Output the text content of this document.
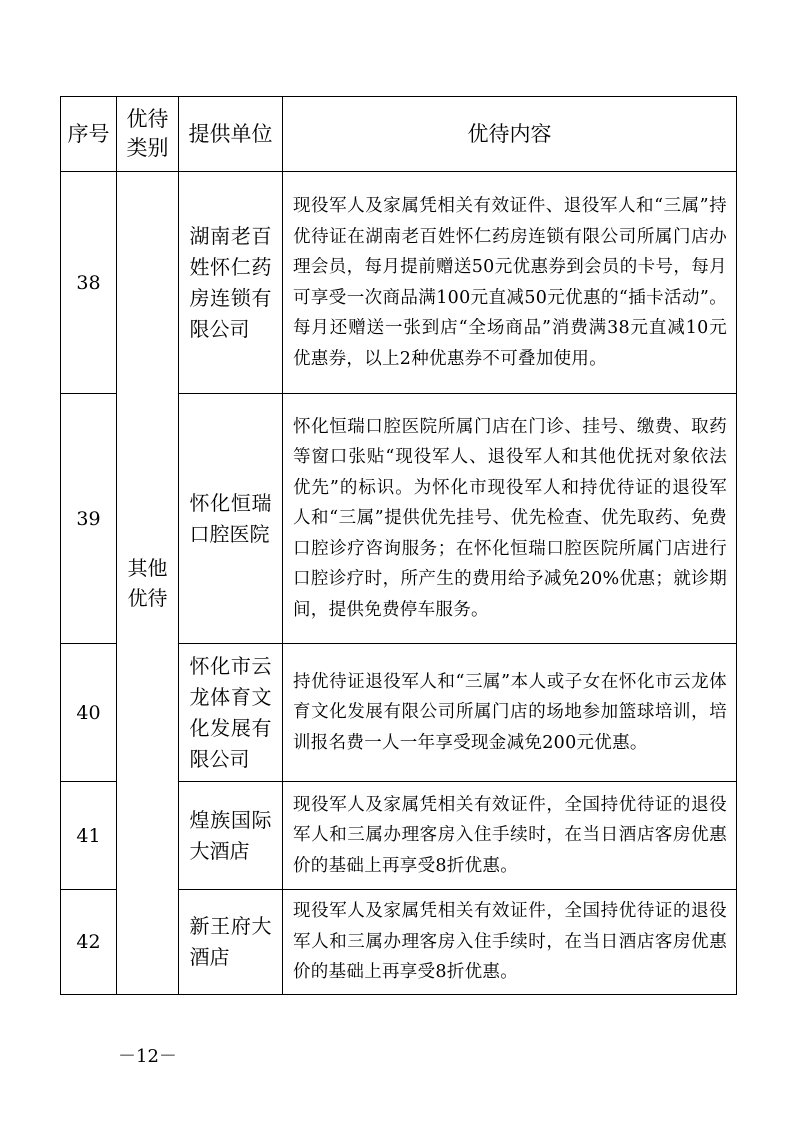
序号	优待类别	提供单位	优待内容
38	其他优待	湖南老百姓怀仁药房连锁有限公司	现役军人及家属凭相关有效证件、退役军人和“三属”持优待证在湖南老百姓怀仁药房连锁有限公司所属门店办理会员，每月提前赠送50元优惠券到会员的卡号，每月可享受一次商品满100元直减50元优惠的“插卡活动”。每月还赠送一张到店“全场商品”消费满38元直减10元优惠券，以上2种优惠券不可叠加使用。
39		怀化恒瑞口腔医院	怀化恒瑞口腔医院所属门店在门诊、挂号、缴费、取药等窗口张贴“现役军人、退役军人和其他优抚对象依法优先”的标识。为怀化市现役军人和持优待证的退役军人和“三属”提供优先挂号、优先检查、优先取药、免费口腔诊疗咨询服务；在怀化恒瑞口腔医院所属门店进行口腔诊疗时，所产生的费用给予减免20%优惠；就诊期间，提供免费停车服务。
40		怀化市云龙体育文化发展有限公司	持优待证退役军人和“三属”本人或子女在怀化市云龙体育文化发展有限公司所属门店的场地参加篮球培训，培训报名费一人一年享受现金减免200元优惠。
41		煌族国际大酒店	现役军人及家属凭相关有效证件，全国持优待证的退役军人和三属办理客房入住手续时，在当日酒店客房优惠价的基础上再享受8折优惠。
42		新王府大酒店	现役军人及家属凭相关有效证件，全国持优待证的退役军人和三属办理客房入住手续时，在当日酒店客房优惠价的基础上再享受8折优惠。
－12－
